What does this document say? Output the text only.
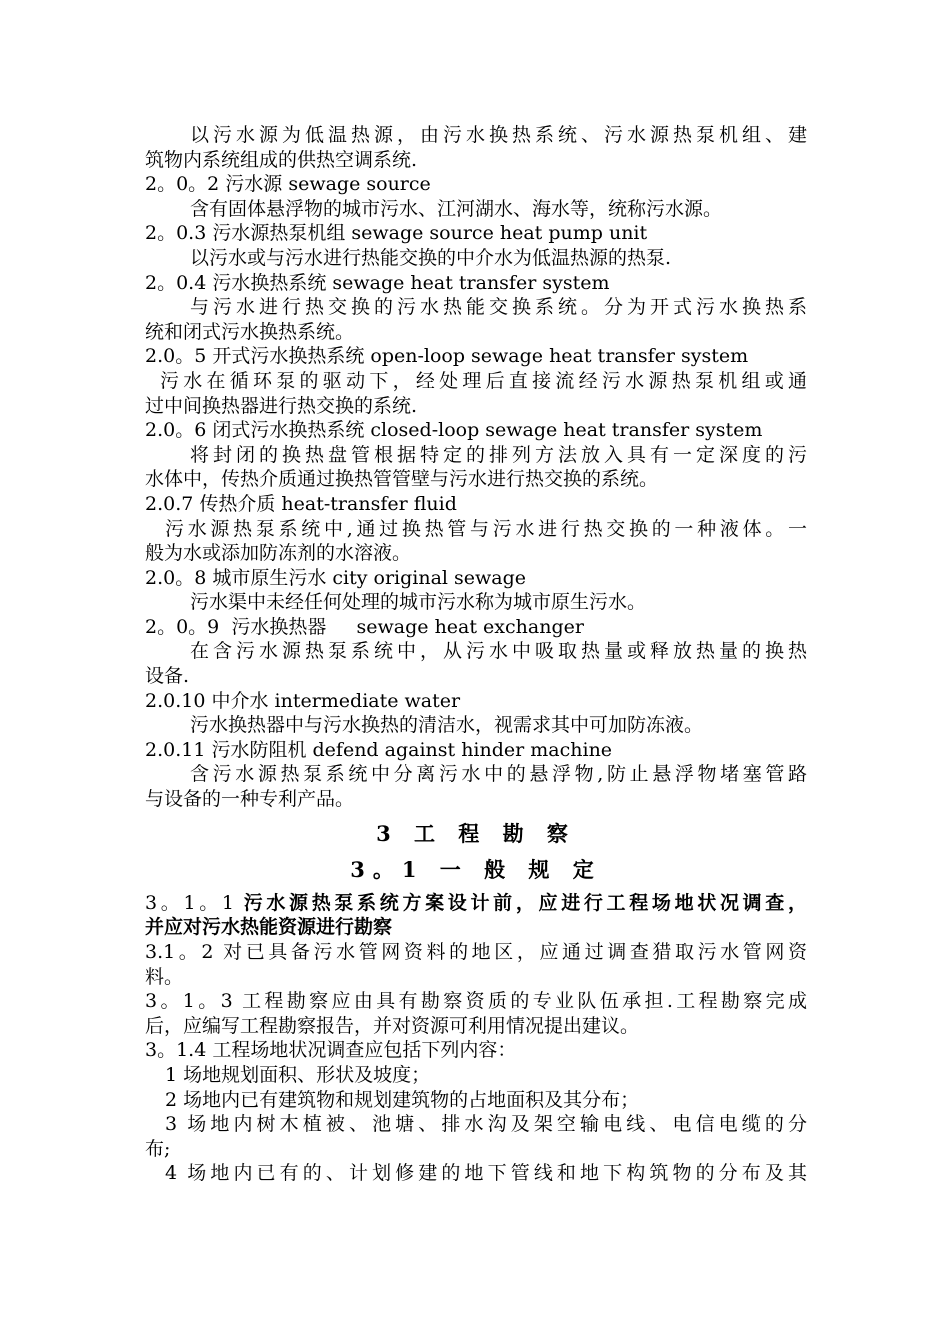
以污水源为低温热源，由污水换热系统、污水源热泵机组、建
筑物内系统组成的供热空调系统.
2。0。2 污水源 sewage source
含有固体悬浮物的城市污水、江河湖水、海水等，统称污水源。
2。0.3 污水源热泵机组 sewage source heat pump unit
以污水或与污水进行热能交换的中介水为低温热源的热泵.
2。0.4 污水换热系统 sewage heat transfer system
与污水进行热交换的污水热能交换系统。分为开式污水换热系
统和闭式污水换热系统。
2.0。5 开式污水换热系统 open-loop sewage heat transfer system
污水在循环泵的驱动下，经处理后直接流经污水源热泵机组或通
过中间换热器进行热交换的系统.
2.0。6 闭式污水换热系统 closed-loop sewage heat transfer system
将封闭的换热盘管根据特定的排列方法放入具有一定深度的污
水体中，传热介质通过换热管管壁与污水进行热交换的系统。
2.0.7 传热介质 heat-transfer fluid
污水源热泵系统中,通过换热管与污水进行热交换的一种液体。一
般为水或添加防冻剂的水溶液。
2.0。8 城市原生污水 city original sewage
污水渠中未经任何处理的城市污水称为城市原生污水。
2。0。9  污水换热器     sewage heat exchanger
在含污水源热泵系统中，从污水中吸取热量或释放热量的换热
设备.
2.0.10 中介水 intermediate water
污水换热器中与污水换热的清洁水，视需求其中可加防冻液。
2.0.11 污水防阻机 defend against hinder machine
含污水源热泵系统中分离污水中的悬浮物,防止悬浮物堵塞管路
与设备的一种专利产品。
3 工 程 勘 察
3。1 一 般 规 定
3。1。1 污水源热泵系统方案设计前，应进行工程场地状况调查，
并应对污水热能资源进行勘察
3.1。2 对已具备污水管网资料的地区，应通过调查猎取污水管网资
料。
3。1。3 工程勘察应由具有勘察资质的专业队伍承担.工程勘察完成
后，应编写工程勘察报告，并对资源可利用情况提出建议。
3。1.4 工程场地状况调查应包括下列内容：
1 场地规划面积、形状及坡度；
2 场地内已有建筑物和规划建筑物的占地面积及其分布；
3 场地内树木植被、池塘、排水沟及架空输电线、电信电缆的分
布;
4 场地内已有的、计划修建的地下管线和地下构筑物的分布及其
